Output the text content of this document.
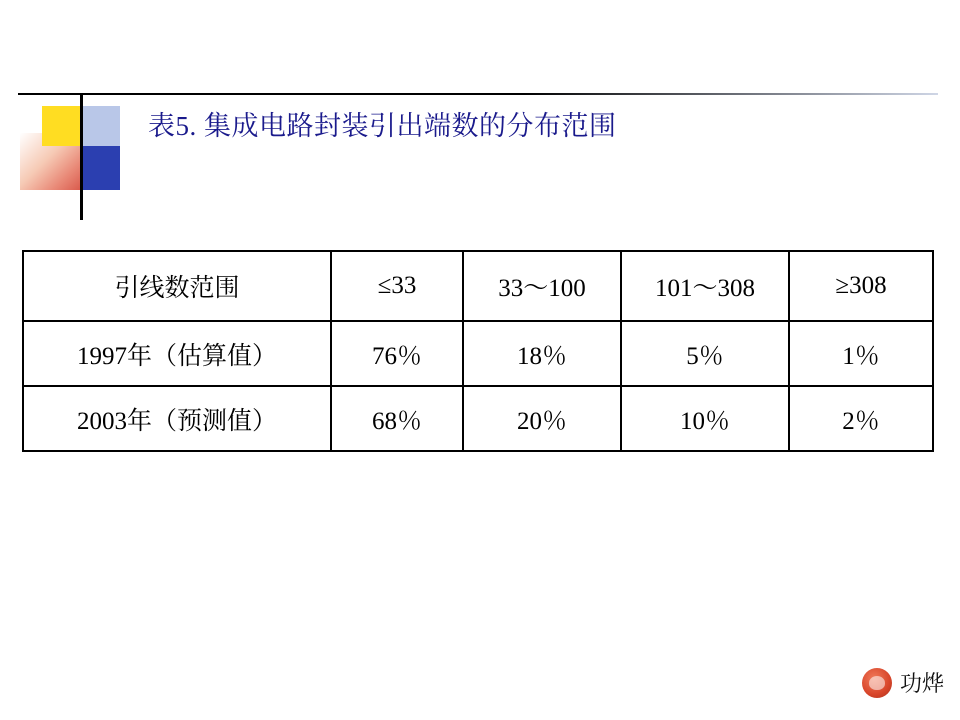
表5. 集成电路封装引出端数的分布范围
引线数范围	≤33	33～100	101～308	≥308
1997年（估算值）	76％	18％	5％	1％
2003年（预测值）	68％	20％	10％	2％
功烨
